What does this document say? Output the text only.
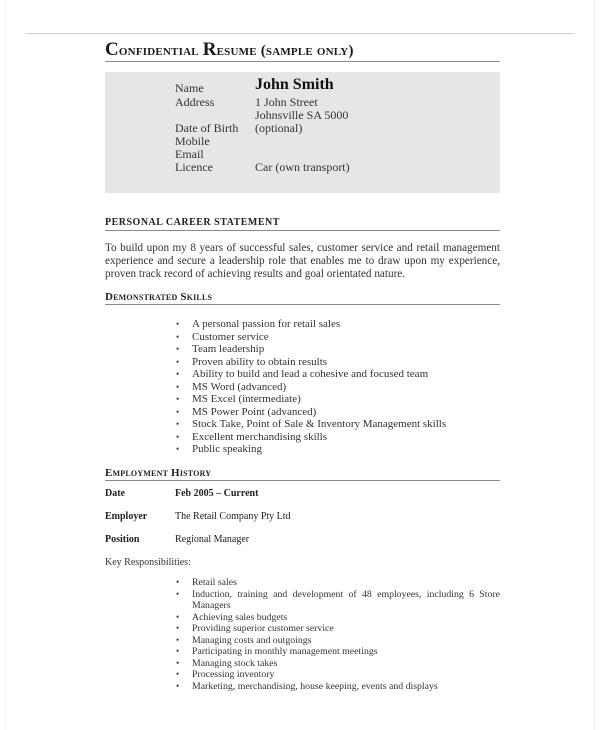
Confidential Resume (sample only)
Name	John Smith
Address	1 John Street
Johnsville SA 5000
Date of Birth	(optional)
Mobile
Email
Licence	Car (own transport)
PERSONAL CAREER STATEMENT
To build upon my 8 years of successful sales, customer service and retail management experience and secure a leadership role that enables me to draw upon my experience, proven track record of achieving results and goal orientated nature.
Demonstrated Skills
• A personal passion for retail sales
• Customer service
• Team leadership
• Proven ability to obtain results
• Ability to build and lead a cohesive and focused team
• MS Word (advanced)
• MS Excel (intermediate)
• MS Power Point (advanced)
• Stock Take, Point of Sale & Inventory Management skills
• Excellent merchandising skills
• Public speaking
Employment History
Date	Feb 2005 – Current
Employer	The Retail Company Pty Ltd
Position	Regional Manager
Key Responsibilities:
• Retail sales
• Induction, training and development of 48 employees, including 6 Store Managers
• Achieving sales budgets
• Providing superior customer service
• Managing costs and outgoings
• Participating in monthly management meetings
• Managing stock takes
• Processing inventory
• Marketing, merchandising, house keeping, events and displays
